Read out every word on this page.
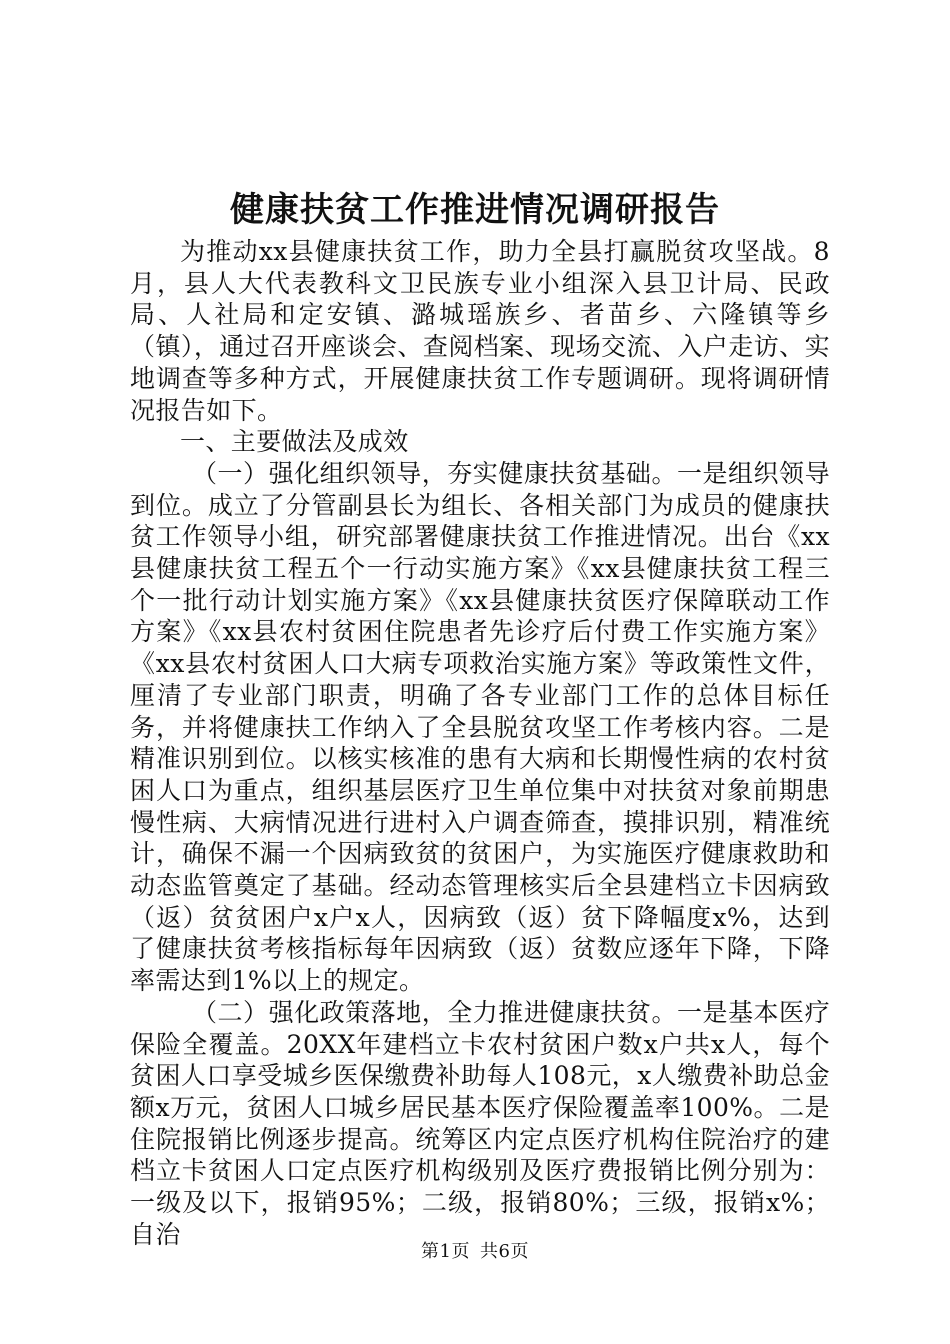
健康扶贫工作推进情况调研报告

为推动xx县健康扶贫工作，助力全县打赢脱贫攻坚战。8月，县人大代表教科文卫民族专业小组深入县卫计局、民政局、人社局和定安镇、潞城瑶族乡、者苗乡、六隆镇等乡（镇），通过召开座谈会、查阅档案、现场交流、入户走访、实地调查等多种方式，开展健康扶贫工作专题调研。现将调研情况报告如下。

一、主要做法及成效

（一）强化组织领导，夯实健康扶贫基础。一是组织领导到位。成立了分管副县长为组长、各相关部门为成员的健康扶贫工作领导小组，研究部署健康扶贫工作推进情况。出台《xx县健康扶贫工程五个一行动实施方案》《xx县健康扶贫工程三个一批行动计划实施方案》《xx县健康扶贫医疗保障联动工作方案》《xx县农村贫困住院患者先诊疗后付费工作实施方案》《xx县农村贫困人口大病专项救治实施方案》等政策性文件，厘清了专业部门职责，明确了各专业部门工作的总体目标任务，并将健康扶工作纳入了全县脱贫攻坚工作考核内容。二是精准识别到位。以核实核准的患有大病和长期慢性病的农村贫困人口为重点，组织基层医疗卫生单位集中对扶贫对象前期患慢性病、大病情况进行进村入户调查筛查，摸排识别，精准统计，确保不漏一个因病致贫的贫困户，为实施医疗健康救助和动态监管奠定了基础。经动态管理核实后全县建档立卡因病致（返）贫贫困户x户x人，因病致（返）贫下降幅度x%，达到了健康扶贫考核指标每年因病致（返）贫数应逐年下降，下降率需达到1%以上的规定。

（二）强化政策落地，全力推进健康扶贫。一是基本医疗保险全覆盖。20XX年建档立卡农村贫困户数x户共x人，每个贫困人口享受城乡医保缴费补助每人108元，x人缴费补助总金额x万元，贫困人口城乡居民基本医疗保险覆盖率100%。二是住院报销比例逐步提高。统筹区内定点医疗机构住院治疗的建档立卡贫困人口定点医疗机构级别及医疗费报销比例分别为：一级及以下，报销95%；二级，报销80%；三级，报销x%；自治

第1页 共6页
